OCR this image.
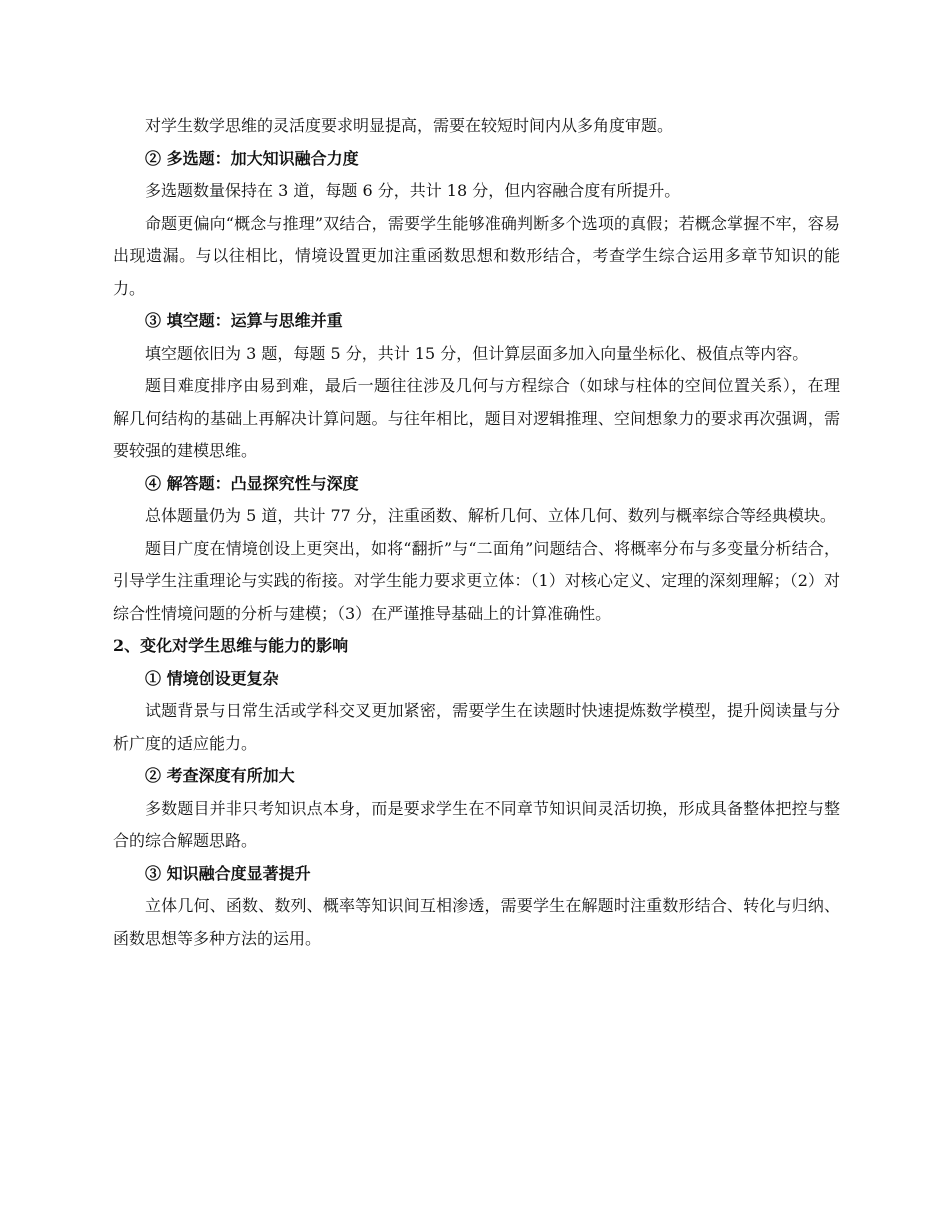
对学生数学思维的灵活度要求明显提高，需要在较短时间内从多角度审题。

② 多选题：加大知识融合力度

多选题数量保持在 3 道，每题 6 分，共计 18 分，但内容融合度有所提升。

命题更偏向“概念与推理”双结合，需要学生能够准确判断多个选项的真假；若概念掌握不牢，容易出现遗漏。与以往相比，情境设置更加注重函数思想和数形结合，考查学生综合运用多章节知识的能力。

③ 填空题：运算与思维并重

填空题依旧为 3 题，每题 5 分，共计 15 分，但计算层面多加入向量坐标化、极值点等内容。

题目难度排序由易到难，最后一题往往涉及几何与方程综合（如球与柱体的空间位置关系），在理解几何结构的基础上再解决计算问题。与往年相比，题目对逻辑推理、空间想象力的要求再次强调，需要较强的建模思维。

④ 解答题：凸显探究性与深度

总体题量仍为 5 道，共计 77 分，注重函数、解析几何、立体几何、数列与概率综合等经典模块。

题目广度在情境创设上更突出，如将“翻折”与“二面角”问题结合、将概率分布与多变量分析结合，引导学生注重理论与实践的衔接。对学生能力要求更立体：（1）对核心定义、定理的深刻理解；（2）对综合性情境问题的分析与建模；（3）在严谨推导基础上的计算准确性。

2、变化对学生思维与能力的影响

① 情境创设更复杂

试题背景与日常生活或学科交叉更加紧密，需要学生在读题时快速提炼数学模型，提升阅读量与分析广度的适应能力。

② 考查深度有所加大

多数题目并非只考知识点本身，而是要求学生在不同章节知识间灵活切换，形成具备整体把控与整合的综合解题思路。

③ 知识融合度显著提升

立体几何、函数、数列、概率等知识间互相渗透，需要学生在解题时注重数形结合、转化与归纳、函数思想等多种方法的运用。
